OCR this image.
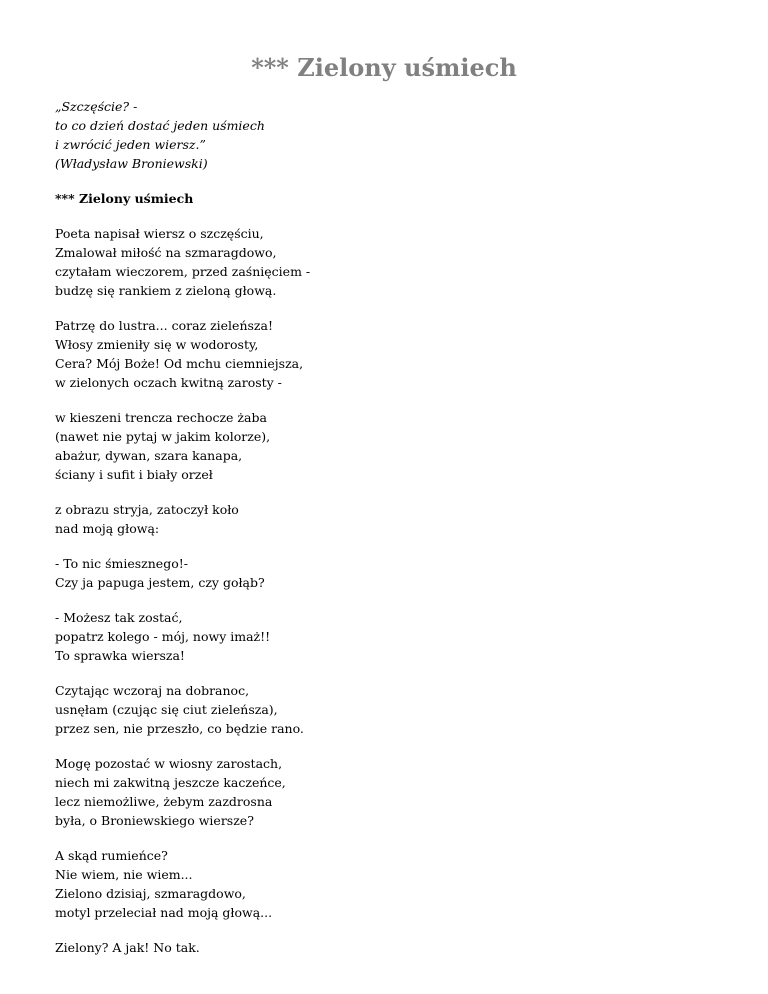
*** Zielony uśmiech
„Szczęście? -
to co dzień dostać jeden uśmiech
i zwrócić jeden wiersz.”
(Władysław Broniewski)
*** Zielony uśmiech
Poeta napisał wiersz o szczęściu,
Zmalował miłość na szmaragdowo,
czytałam wieczorem, przed zaśnięciem -
budzę się rankiem z zieloną głową.
Patrzę do lustra... coraz zieleńsza!
Włosy zmieniły się w wodorosty,
Cera? Mój Boże! Od mchu ciemniejsza,
w zielonych oczach kwitną zarosty -
w kieszeni trencza rechocze żaba
(nawet nie pytaj w jakim kolorze),
abażur, dywan, szara kanapa,
ściany i sufit i biały orzeł
z obrazu stryja, zatoczył koło
nad moją głową:
- To nic śmiesznego!-
Czy ja papuga jestem, czy gołąb?
- Możesz tak zostać,
popatrz kolego - mój, nowy imaż!!
To sprawka wiersza!
Czytając wczoraj na dobranoc,
usnęłam (czując się ciut zieleńsza),
przez sen, nie przeszło, co będzie rano.
Mogę pozostać w wiosny zarostach,
niech mi zakwitną jeszcze kaczeńce,
lecz niemożliwe, żebym zazdrosna
była, o Broniewskiego wiersze?
A skąd rumieńce?
Nie wiem, nie wiem...
Zielono dzisiaj, szmaragdowo,
motyl przeleciał nad moją głową...
Zielony? A jak! No tak.
